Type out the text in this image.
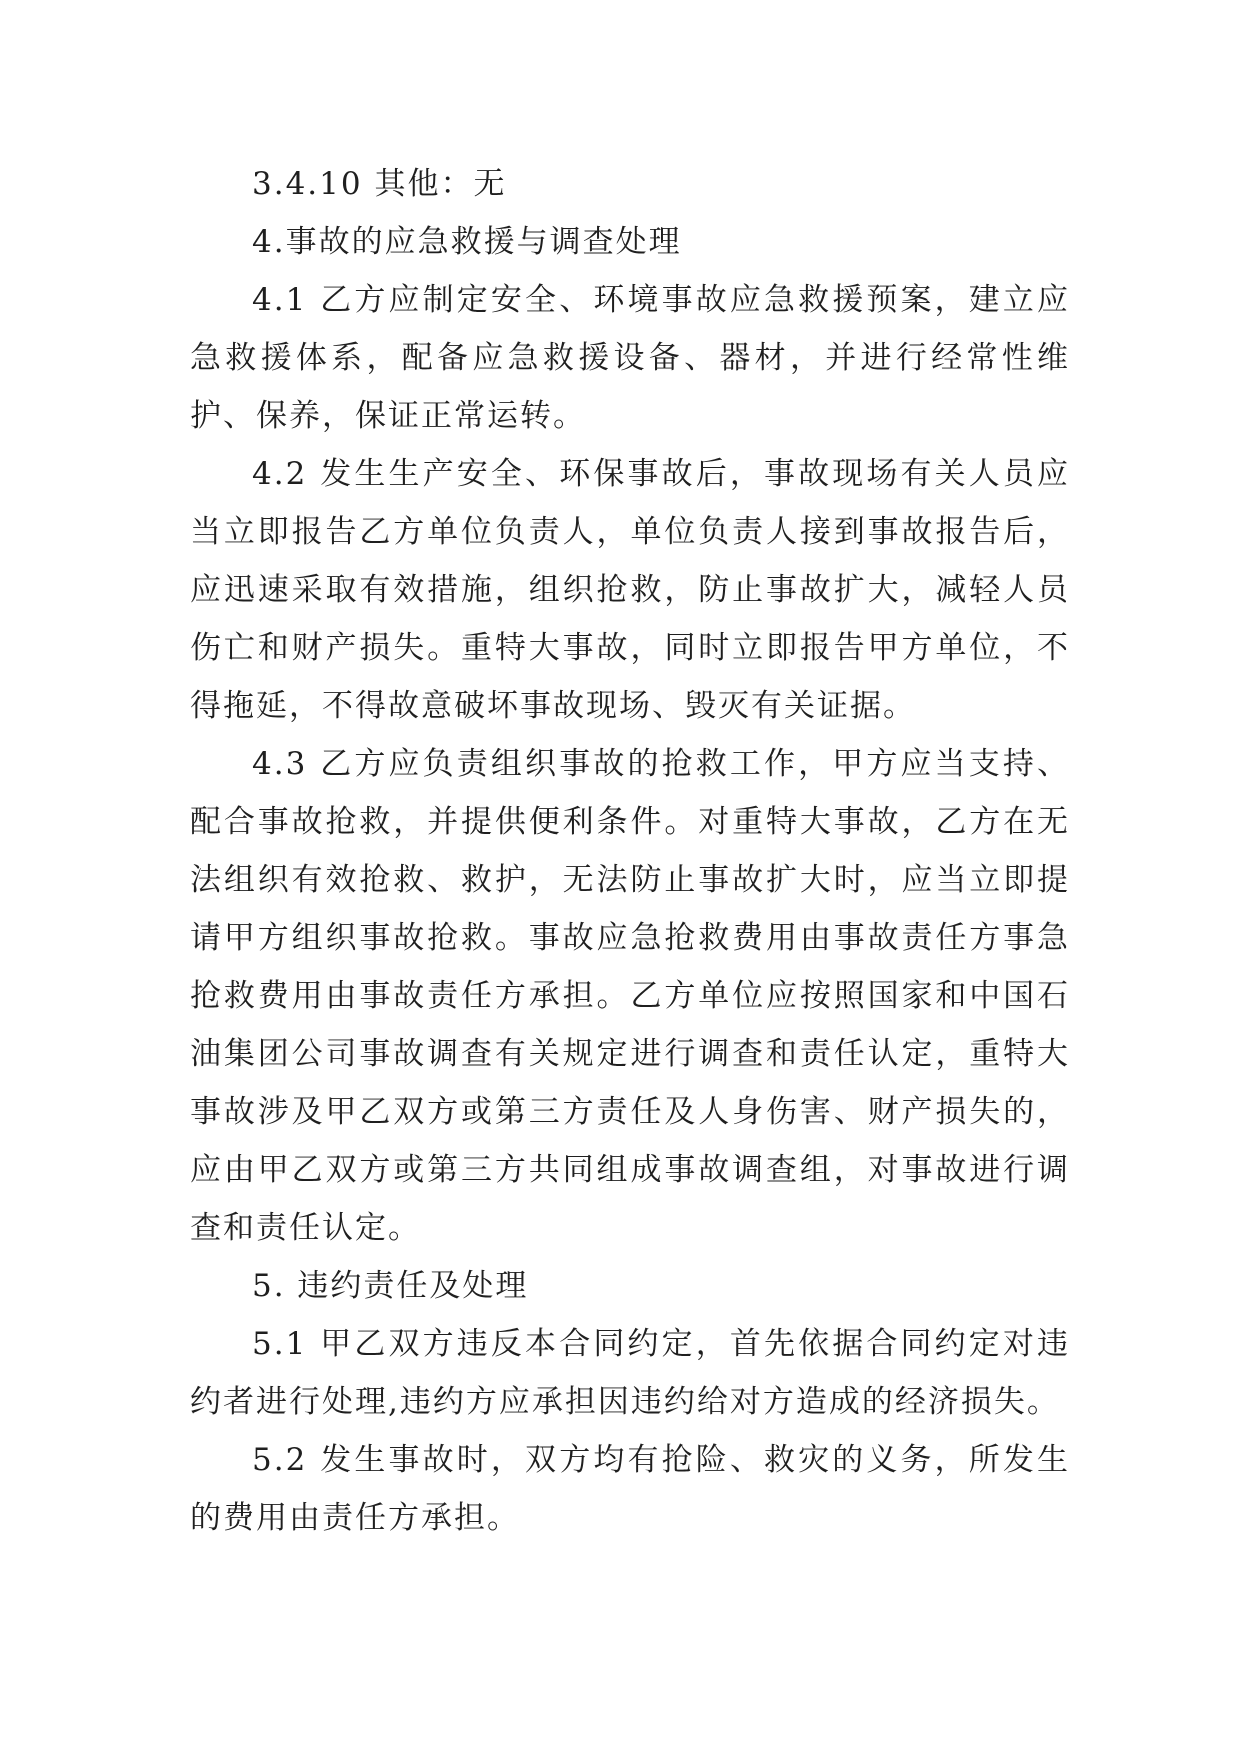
3.4.10 其他：无

4.事故的应急救援与调查处理

4.1 乙方应制定安全、环境事故应急救援预案，建立应急救援体系，配备应急救援设备、器材，并进行经常性维护、保养，保证正常运转。

4.2 发生生产安全、环保事故后，事故现场有关人员应当立即报告乙方单位负责人，单位负责人接到事故报告后，应迅速采取有效措施，组织抢救，防止事故扩大，减轻人员伤亡和财产损失。重特大事故，同时立即报告甲方单位，不得拖延，不得故意破坏事故现场、毁灭有关证据。

4.3 乙方应负责组织事故的抢救工作，甲方应当支持、配合事故抢救，并提供便利条件。对重特大事故，乙方在无法组织有效抢救、救护，无法防止事故扩大时，应当立即提请甲方组织事故抢救。事故应急抢救费用由事故责任方事急抢救费用由事故责任方承担。乙方单位应按照国家和中国石油集团公司事故调查有关规定进行调查和责任认定，重特大事故涉及甲乙双方或第三方责任及人身伤害、财产损失的，应由甲乙双方或第三方共同组成事故调查组，对事故进行调查和责任认定。

5. 违约责任及处理

5.1 甲乙双方违反本合同约定，首先依据合同约定对违约者进行处理,违约方应承担因违约给对方造成的经济损失。

5.2 发生事故时，双方均有抢险、救灾的义务，所发生的费用由责任方承担。
